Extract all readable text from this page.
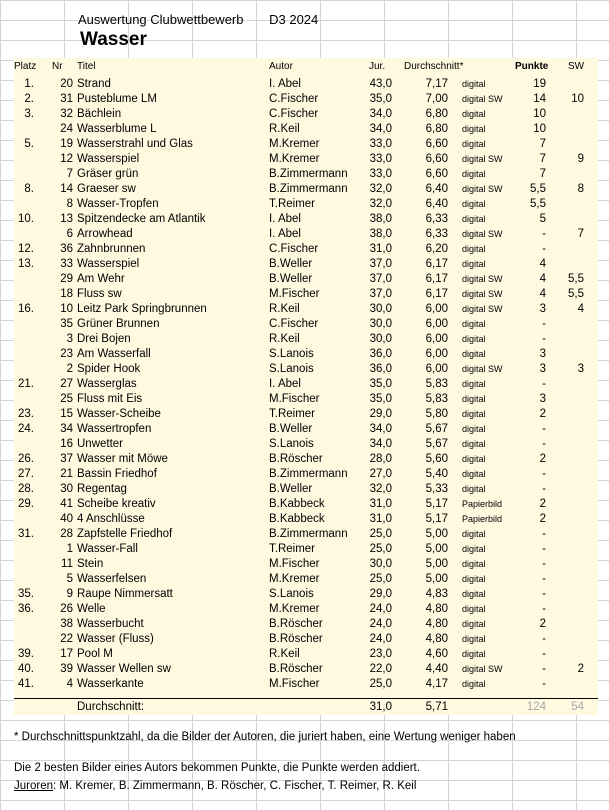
Auswertung Clubwettbewerb D3 2024
Wasser
Platz Nr Titel	Autor	Jur. Durchschnitt*	Punkte SW
1.	20 Strand	I. Abel	43,0	7,17 digital	19
2.	31 Pusteblume LM	C.Fischer	35,0	7,00 digital SW	14	10
3.	32 Bächlein	C.Fischer	34,0	6,80 digital	10
24 Wasserblume L	R.Keil	34,0	6,80 digital	10
5.	19 Wasserstrahl und Glas	M.Kremer	33,0	6,60 digital	7
12 Wasserspiel	M.Kremer	33,0	6,60 digital SW	7	9
7 Gräser grün	B.Zimmermann	33,0	6,60 digital	7
8.	14 Graeser sw	B.Zimmermann	32,0	6,40 digital SW	5,5	8
8 Wasser-Tropfen	T.Reimer	32,0	6,40 digital	5,5
10.	13 Spitzendecke am Atlantik	I. Abel	38,0	6,33 digital	5
6 Arrowhead	I. Abel	38,0	6,33 digital SW	-	7
12.	36 Zahnbrunnen	C.Fischer	31,0	6,20 digital	-
13.	33 Wasserspiel	B.Weller	37,0	6,17 digital	4
29 Am Wehr	B.Weller	37,0	6,17 digital SW	4	5,5
18 Fluss sw	M.Fischer	37,0	6,17 digital SW	4	5,5
16.	10 Leitz Park Springbrunnen	R.Keil	30,0	6,00 digital SW	3	4
35 Grüner Brunnen	C.Fischer	30,0	6,00 digital	-
3 Drei Bojen	R.Keil	30,0	6,00 digital	-
23 Am Wasserfall	S.Lanois	36,0	6,00 digital	3
2 Spider Hook	S.Lanois	36,0	6,00 digital SW	3	3
21.	27 Wasserglas	I. Abel	35,0	5,83 digital	-
25 Fluss mit Eis	M.Fischer	35,0	5,83 digital	3
23.	15 Wasser-Scheibe	T.Reimer	29,0	5,80 digital	2
24.	34 Wassertropfen	B.Weller	34,0	5,67 digital	-
16 Unwetter	S.Lanois	34,0	5,67 digital	-
26.	37 Wasser mit Möwe	B.Röscher	28,0	5,60 digital	2
27.	21 Bassin Friedhof	B.Zimmermann	27,0	5,40 digital	-
28.	30 Regentag	B.Weller	32,0	5,33 digital	-
29.	41 Scheibe kreativ	B.Kabbeck	31,0	5,17 Papierbild	2
40 4 Anschlüsse	B.Kabbeck	31,0	5,17 Papierbild	2
31.	28 Zapfstelle Friedhof	B.Zimmermann	25,0	5,00 digital	-
1 Wasser-Fall	T.Reimer	25,0	5,00 digital	-
11 Stein	M.Fischer	30,0	5,00 digital	-
5 Wasserfelsen	M.Kremer	25,0	5,00 digital	-
35.	9 Raupe Nimmersatt	S.Lanois	29,0	4,83 digital	-
36.	26 Welle	M.Kremer	24,0	4,80 digital	-
38 Wasserbucht	B.Röscher	24,0	4,80 digital	2
22 Wasser (Fluss)	B.Röscher	24,0	4,80 digital	-
39.	17 Pool M	R.Keil	23,0	4,60 digital	-
40.	39 Wasser Wellen sw	B.Röscher	22,0	4,40 digital SW	-	2
41.	4 Wasserkante	M.Fischer	25,0	4,17 digital	-
Durchschnitt:	31,0	5,71	124	54
* Durchschnittspunktzahl, da die Bilder der Autoren, die juriert haben, eine Wertung weniger haben
Die 2 besten Bilder eines Autors bekommen Punkte, die Punkte werden addiert.
Juroren: M. Kremer, B. Zimmermann, B. Röscher, C. Fischer, T. Reimer, R. Keil
